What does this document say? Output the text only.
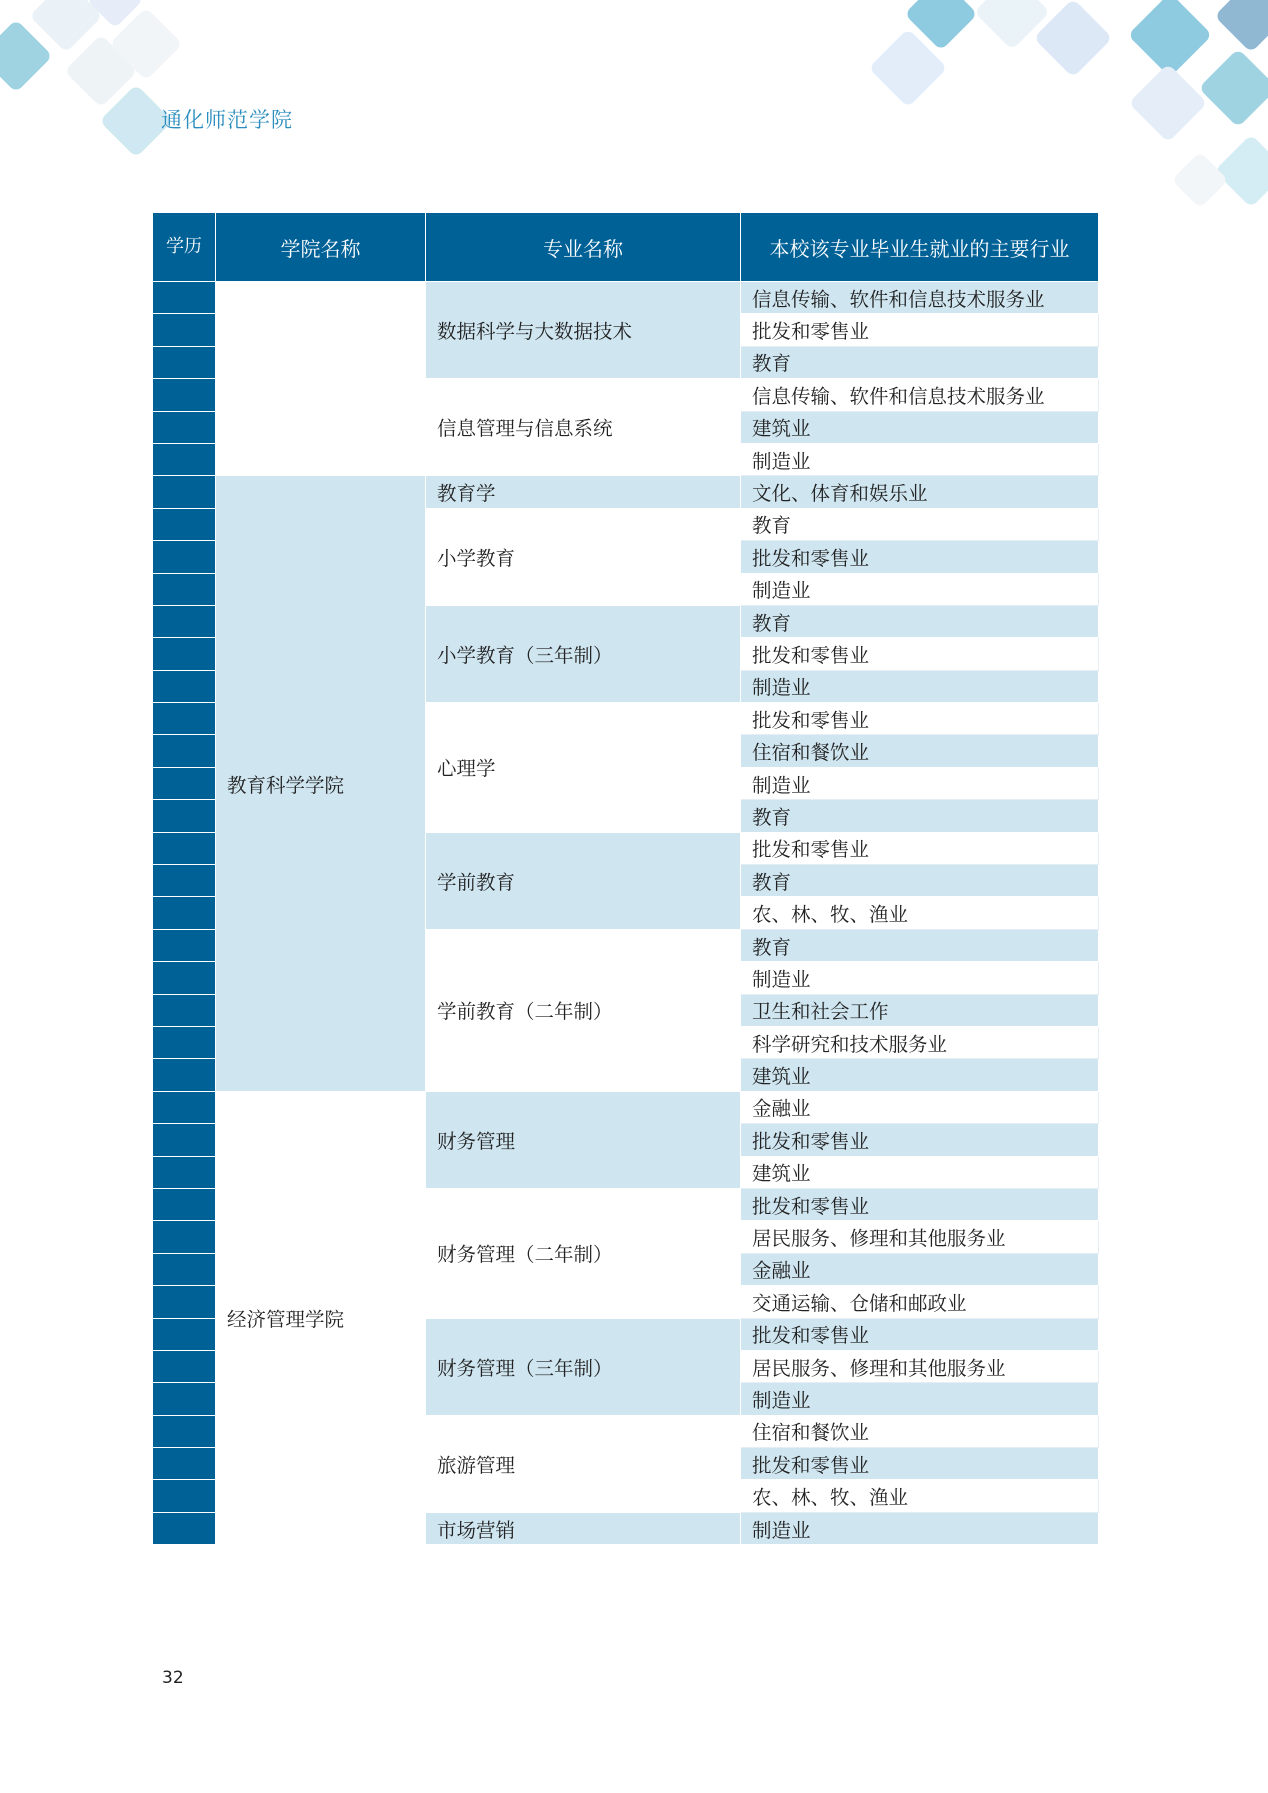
通化师范学院
学历	学院名称	专业名称	本校该专业毕业生就业的主要行业
		数据科学与大数据技术	信息传输、软件和信息技术服务业
			批发和零售业
			教育
		信息管理与信息系统	信息传输、软件和信息技术服务业
			建筑业
			制造业
	教育科学学院	教育学	文化、体育和娱乐业
		小学教育	教育
			批发和零售业
			制造业
		小学教育（三年制）	教育
			批发和零售业
			制造业
		心理学	批发和零售业
			住宿和餐饮业
			制造业
			教育
		学前教育	批发和零售业
			教育
			农、林、牧、渔业
		学前教育（二年制）	教育
			制造业
			卫生和社会工作
			科学研究和技术服务业
			建筑业
	经济管理学院	财务管理	金融业
			批发和零售业
			建筑业
		财务管理（二年制）	批发和零售业
			居民服务、修理和其他服务业
			金融业
			交通运输、仓储和邮政业
		财务管理（三年制）	批发和零售业
			居民服务、修理和其他服务业
			制造业
		旅游管理	住宿和餐饮业
			批发和零售业
			农、林、牧、渔业
		市场营销	制造业
32
